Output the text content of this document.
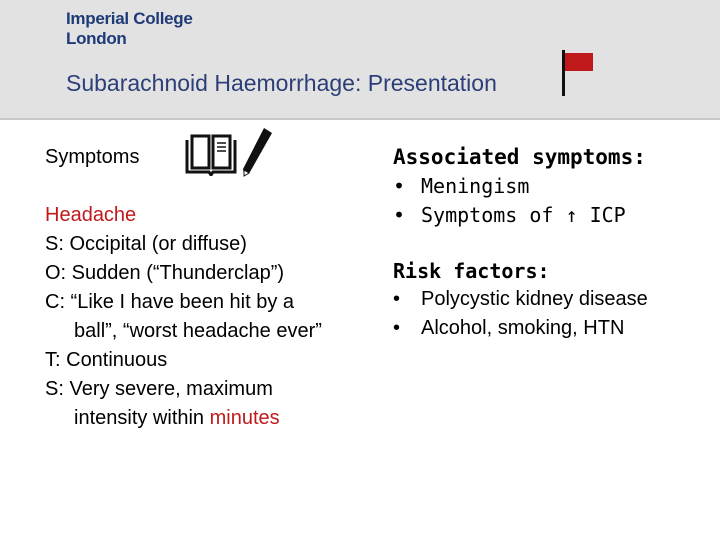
Imperial College
London
Subarachnoid Haemorrhage: Presentation
Symptoms
Headache
S: Occipital (or diffuse)
O: Sudden (“Thunderclap”)
C: “Like I have been hit by a
ball”, “worst headache ever”
T: Continuous
S: Very severe, maximum
intensity within minutes
Associated symptoms:
• Meningism
• Symptoms of ↑ ICP
Risk factors:
• Polycystic kidney disease
• Alcohol, smoking, HTN
